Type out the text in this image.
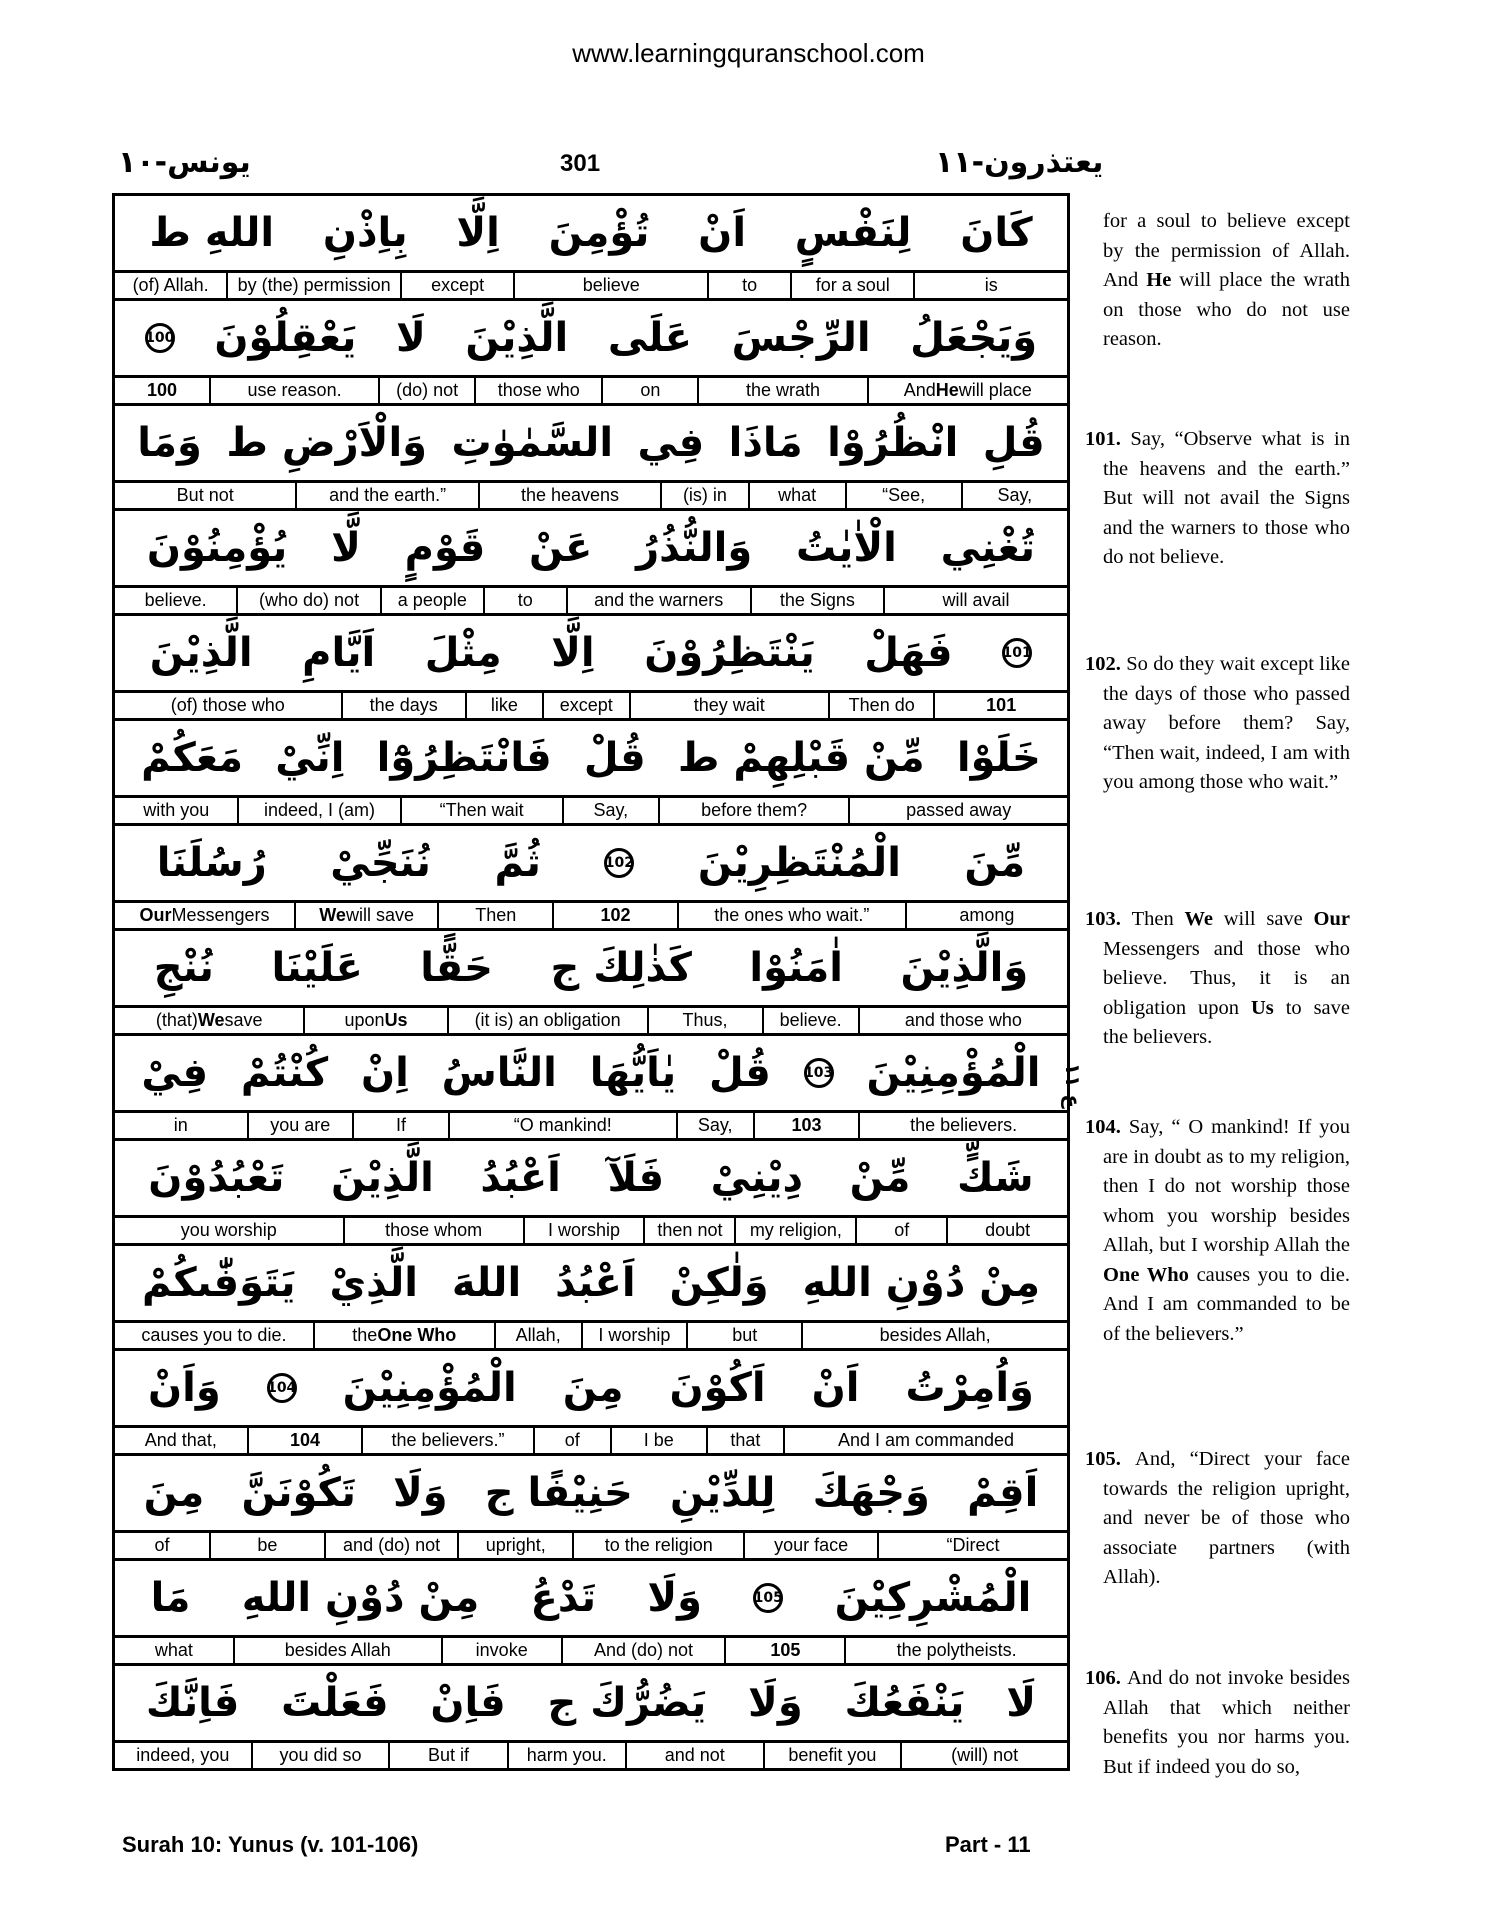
www.learningquranschool.com
يونس-١٠	301	يعتذرون-١١
اللهِ ط بِاِذْنِ اِلَّا تُؤْمِنَ اَنْ لِنَفْسٍ كَانَ
(of) Allah.	by (the) permission	except	believe	to	for a soul	is
100 يَعْقِلُوْنَ لَا الَّذِيْنَ عَلَى الرِّجْسَ وَيَجْعَلُ
100	use reason.	(do) not	those who	on	the wrath	And He will place
وَمَا وَالْاَرْضِ ط السَّمٰوٰتِ فِي مَاذَا انْظُرُوْا قُلِ
But not	and the earth.”	the heavens	(is) in	what	“See,	Say,
يُؤْمِنُوْنَ لَّا قَوْمٍ عَنْ وَالنُّذُرُ الْاٰيٰتُ تُغْنِي
believe.	(who do) not	a people	to	and the warners	the Signs	will avail
الَّذِيْنَ اَيَّامِ مِثْلَ اِلَّا يَنْتَظِرُوْنَ فَهَلْ	101
(of) those who	the days	like	except	they wait	Then do	101
مَعَكُمْ اِنِّيْ فَانْتَظِرُوْٓا قُلْ مِّنْ قَبْلِهِمْ ط خَلَوْا
with you	indeed, I (am)	“Then wait	Say,	before them?	passed away
رُسُلَنَا نُنَجِّيْ ثُمَّ	102 الْمُنْتَظِرِيْنَ مِّنَ
Our Messengers	We will save	Then	102	the ones who wait.”	among
نُنْجِ عَلَيْنَا حَقًّا كَذٰلِكَ ج اٰمَنُوْا وَالَّذِيْنَ
(that) We save	upon Us	(it is) an obligation	Thus,	believe.	and those who
فِيْ كُنْتُمْ اِنْ النَّاسُ يٰاَيُّهَا قُلْ 103 الْمُؤْمِنِيْنَ
in	you are	If	“O mankind!	Say,	103	the believers.
تَعْبُدُوْنَ الَّذِيْنَ اَعْبُدُ فَلَآ دِيْنِيْ مِّنْ شَكٍّ
you worship	those whom	I worship	then not	my religion,	of	doubt
يَتَوَفّٰىكُمْ الَّذِيْ اللهَ اَعْبُدُ وَلٰكِنْ مِنْ دُوْنِ اللهِ
causes you to die.	the One Who	Allah,	I worship	but	besides Allah,
وَاَنْ	104 الْمُؤْمِنِيْنَ مِنَ اَكُوْنَ اَنْ وَاُمِرْتُ
And that,	104	the believers.”	of	I be	that	And I am commanded
مِنَ تَكُوْنَنَّ وَلَا حَنِيْفًا ج لِلدِّيْنِ وَجْهَكَ اَقِمْ
of	be	and (do) not	upright,	to the religion	your face	“Direct
مَا مِنْ دُوْنِ اللهِ تَدْعُ وَلَا	105 الْمُشْرِكِيْنَ
what	besides Allah	invoke	And (do) not	105	the polytheists.
فَاِنَّكَ فَعَلْتَ فَاِنْ يَضُرُّكَ ج وَلَا يَنْفَعُكَ لَا
indeed, you	you did so	But if	harm you.	and not	benefit you	(will) not
ع ١١

for a soul to believe except by the permission of Allah. And He will place the wrath on those who do not use reason.

101. Say, “Observe what is in the heavens and the earth.” But will not avail the Signs and the warners to those who do not believe.

102. So do they wait except like the days of those who passed away before them? Say, “Then wait, indeed, I am with you among those who wait.”

103. Then We will save Our Messengers and those who believe. Thus, it is an obligation upon Us to save the believers.

104. Say, “ O mankind! If you are in doubt as to my religion, then I do not worship those whom you worship besides Allah, but I worship Allah the One Who causes you to die. And I am commanded to be of the believers.”

105. And, “Direct your face towards the religion upright, and never be of those who associate partners (with Allah).

106. And do not invoke besides Allah that which neither benefits you nor harms you. But if indeed you do so,

Surah 10: Yunus (v. 101-106)	Part - 11
